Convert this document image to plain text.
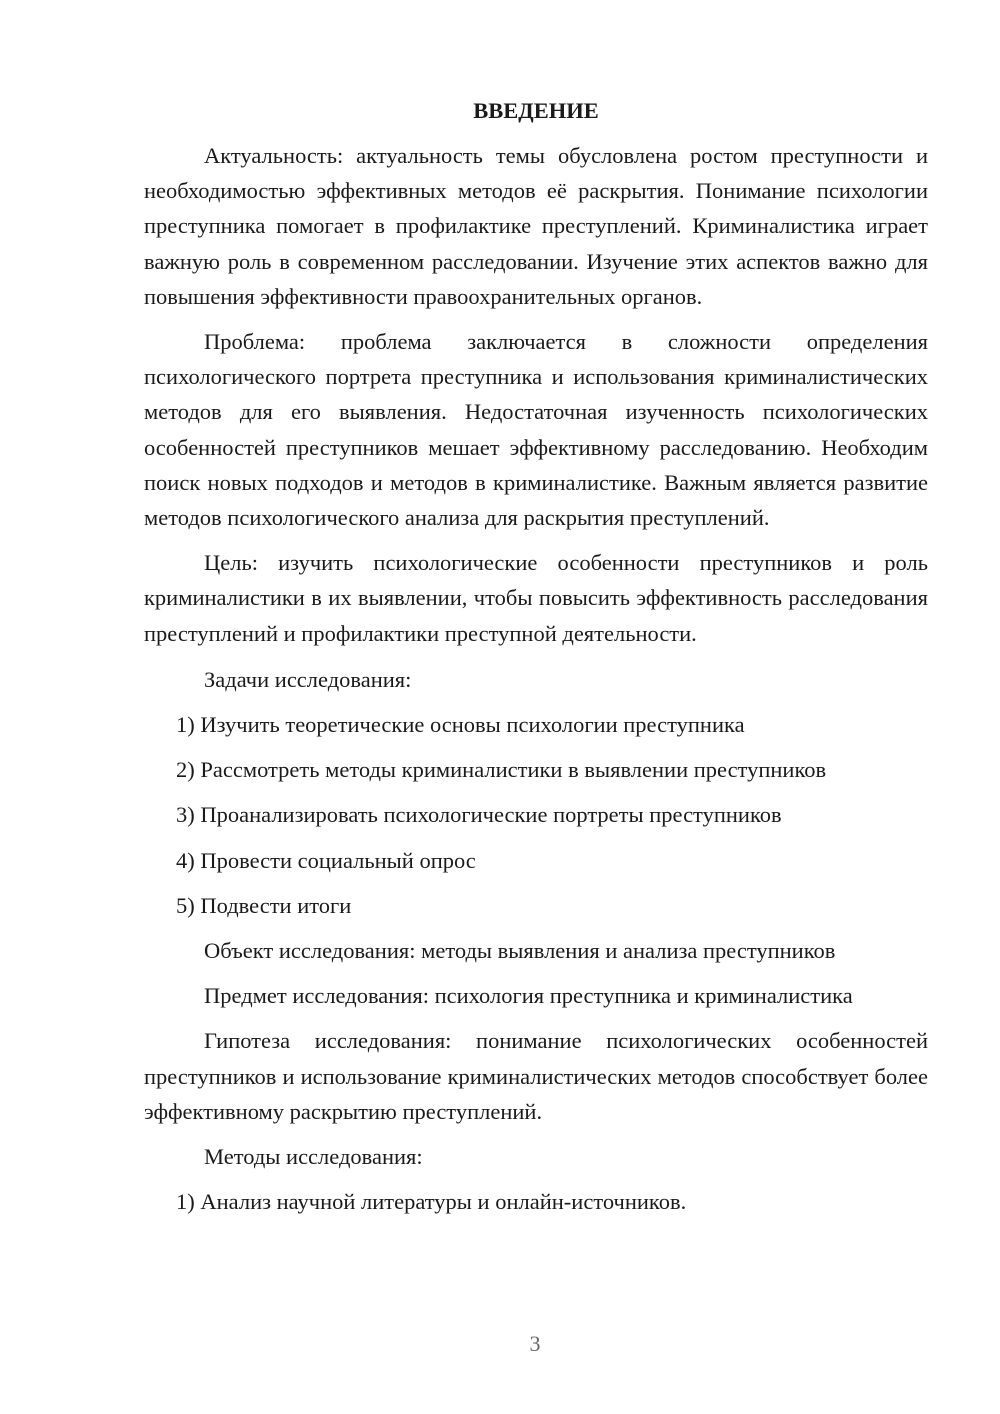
ВВЕДЕНИЕ
Актуальность: актуальность темы обусловлена ростом преступности и необходимостью эффективных методов её раскрытия. Понимание психологии преступника помогает в профилактике преступлений. Криминалистика играет важную роль в современном расследовании. Изучение этих аспектов важно для повышения эффективности правоохранительных органов.
Проблема: проблема заключается в сложности определения психологического портрета преступника и использования криминалистических методов для его выявления. Недостаточная изученность психологических особенностей преступников мешает эффективному расследованию. Необходим поиск новых подходов и методов в криминалистике. Важным является развитие методов психологического анализа для раскрытия преступлений.
Цель: изучить психологические особенности преступников и роль криминалистики в их выявлении, чтобы повысить эффективность расследования преступлений и профилактики преступной деятельности.
Задачи исследования:
1) Изучить теоретические основы психологии преступника
2) Рассмотреть методы криминалистики в выявлении преступников
3) Проанализировать психологические портреты преступников
4) Провести социальный опрос
5) Подвести итоги
Объект исследования: методы выявления и анализа преступников
Предмет исследования: психология преступника и криминалистика
Гипотеза исследования: понимание психологических особенностей преступников и использование криминалистических методов способствует более эффективному раскрытию преступлений.
Методы исследования:
1) Анализ научной литературы и онлайн-источников.
3
